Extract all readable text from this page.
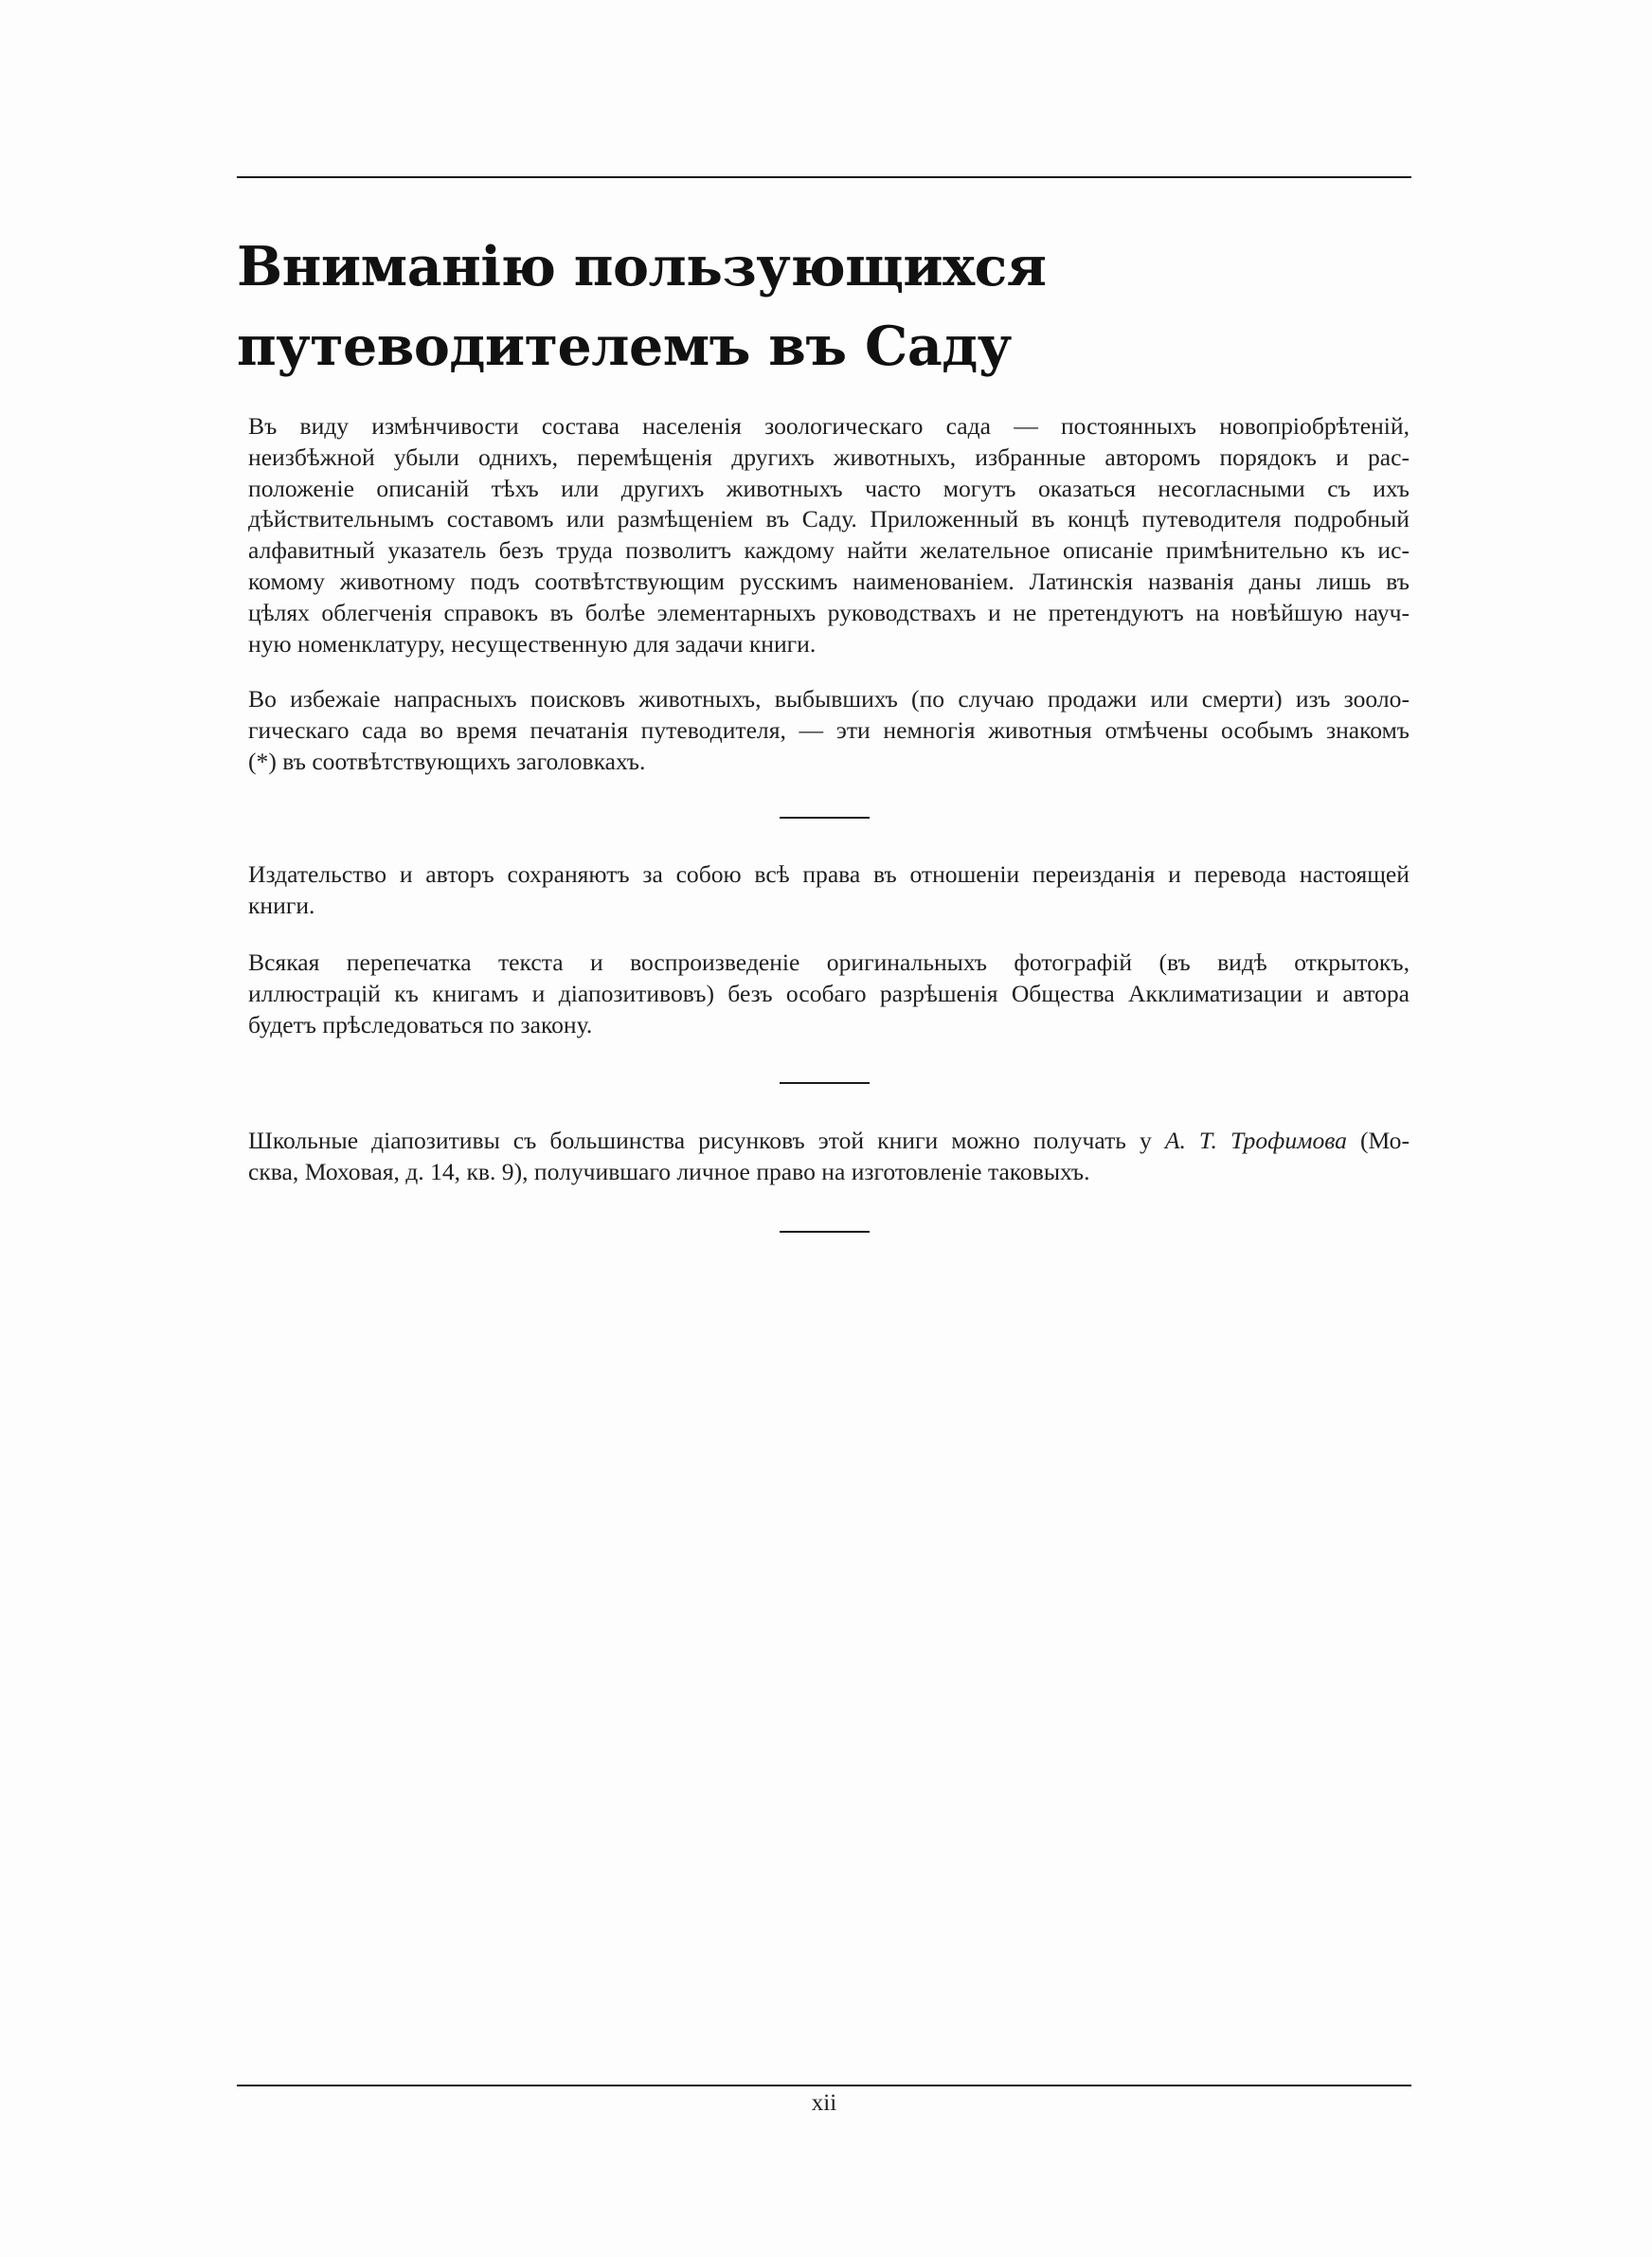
Вниманію пользующихся
путеводителемъ въ Саду

Въ виду измѣнчивости состава населенія зоологическаго сада — постоянныхъ новопріобрѣтеній,
неизбѣжной убыли однихъ, перемѣщенія другихъ животныхъ, избранные авторомъ порядокъ и рас-
положеніе описаній тѣхъ или другихъ животныхъ часто могутъ оказаться несогласными съ ихъ
дѣйствительнымъ составомъ или размѣщеніем въ Саду. Приложенный въ концѣ путеводителя подробный
алфавитный указатель безъ труда позволитъ каждому найти желательное описаніе примѣнительно къ ис-
комому животному подъ соотвѣтствующим русскимъ наименованіем. Латинскія названія даны лишь въ
цѣлях облегченія справокъ въ болѣе элементарныхъ руководствахъ и не претендуютъ на новѣйшую науч-
ную номенклатуру, несущественную для задачи книги.

Во избежаіе напрасныхъ поисковъ животныхъ, выбывшихъ (по случаю продажи или смерти) изъ зооло-
гическаго сада во время печатанія путеводителя, — эти немногія животныя отмѣчены особымъ знакомъ
(*) въ соотвѣтствующихъ заголовкахъ.

Издательство и авторъ сохраняютъ за собою всѣ права въ отношеніи переизданія и перевода настоящей
книги.

Всякая перепечатка текста и воспроизведеніе оригинальныхъ фотографій (въ видѣ открытокъ,
иллюстрацій къ книгамъ и діапозитивовъ) безъ особаго разрѣшенія Общества Акклиматизации и автора
будетъ прѣследоваться по закону.

Школьные діапозитивы съ большинства рисунковъ этой книги можно получать у А. Т. Трофимова (Мо-
сква, Моховая, д. 14, кв. 9), получившаго личное право на изготовленіе таковыхъ.

xii
